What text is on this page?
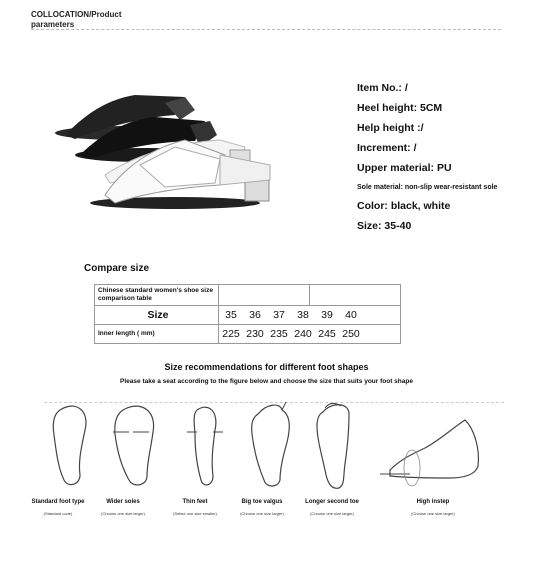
COLLOCATION/Product
parameters
Item No.: /
Heel height: 5CM
Help height :/
Increment: /
Upper material: PU
Sole material: non-slip wear-resistant sole
Color: black, white
Size: 35-40
Compare size
Chinese standard women's shoe size comparison table		
Size	35 36 37 38 39 40	
Inner length ( mm)	225 230 235 240 245 250	
Size recommendations for different foot shapes
Please take a seat according to the figure below and choose the size that suits your foot shape
Standard foot type
(Standard code)
Wider soles
(Choose one size larger)
Thin feet
(Select one size smaller)
Big toe valgus
(Choose one size larger)
Longer second toe
(Choose one size larger)
High instep
(Choose one size larger)
